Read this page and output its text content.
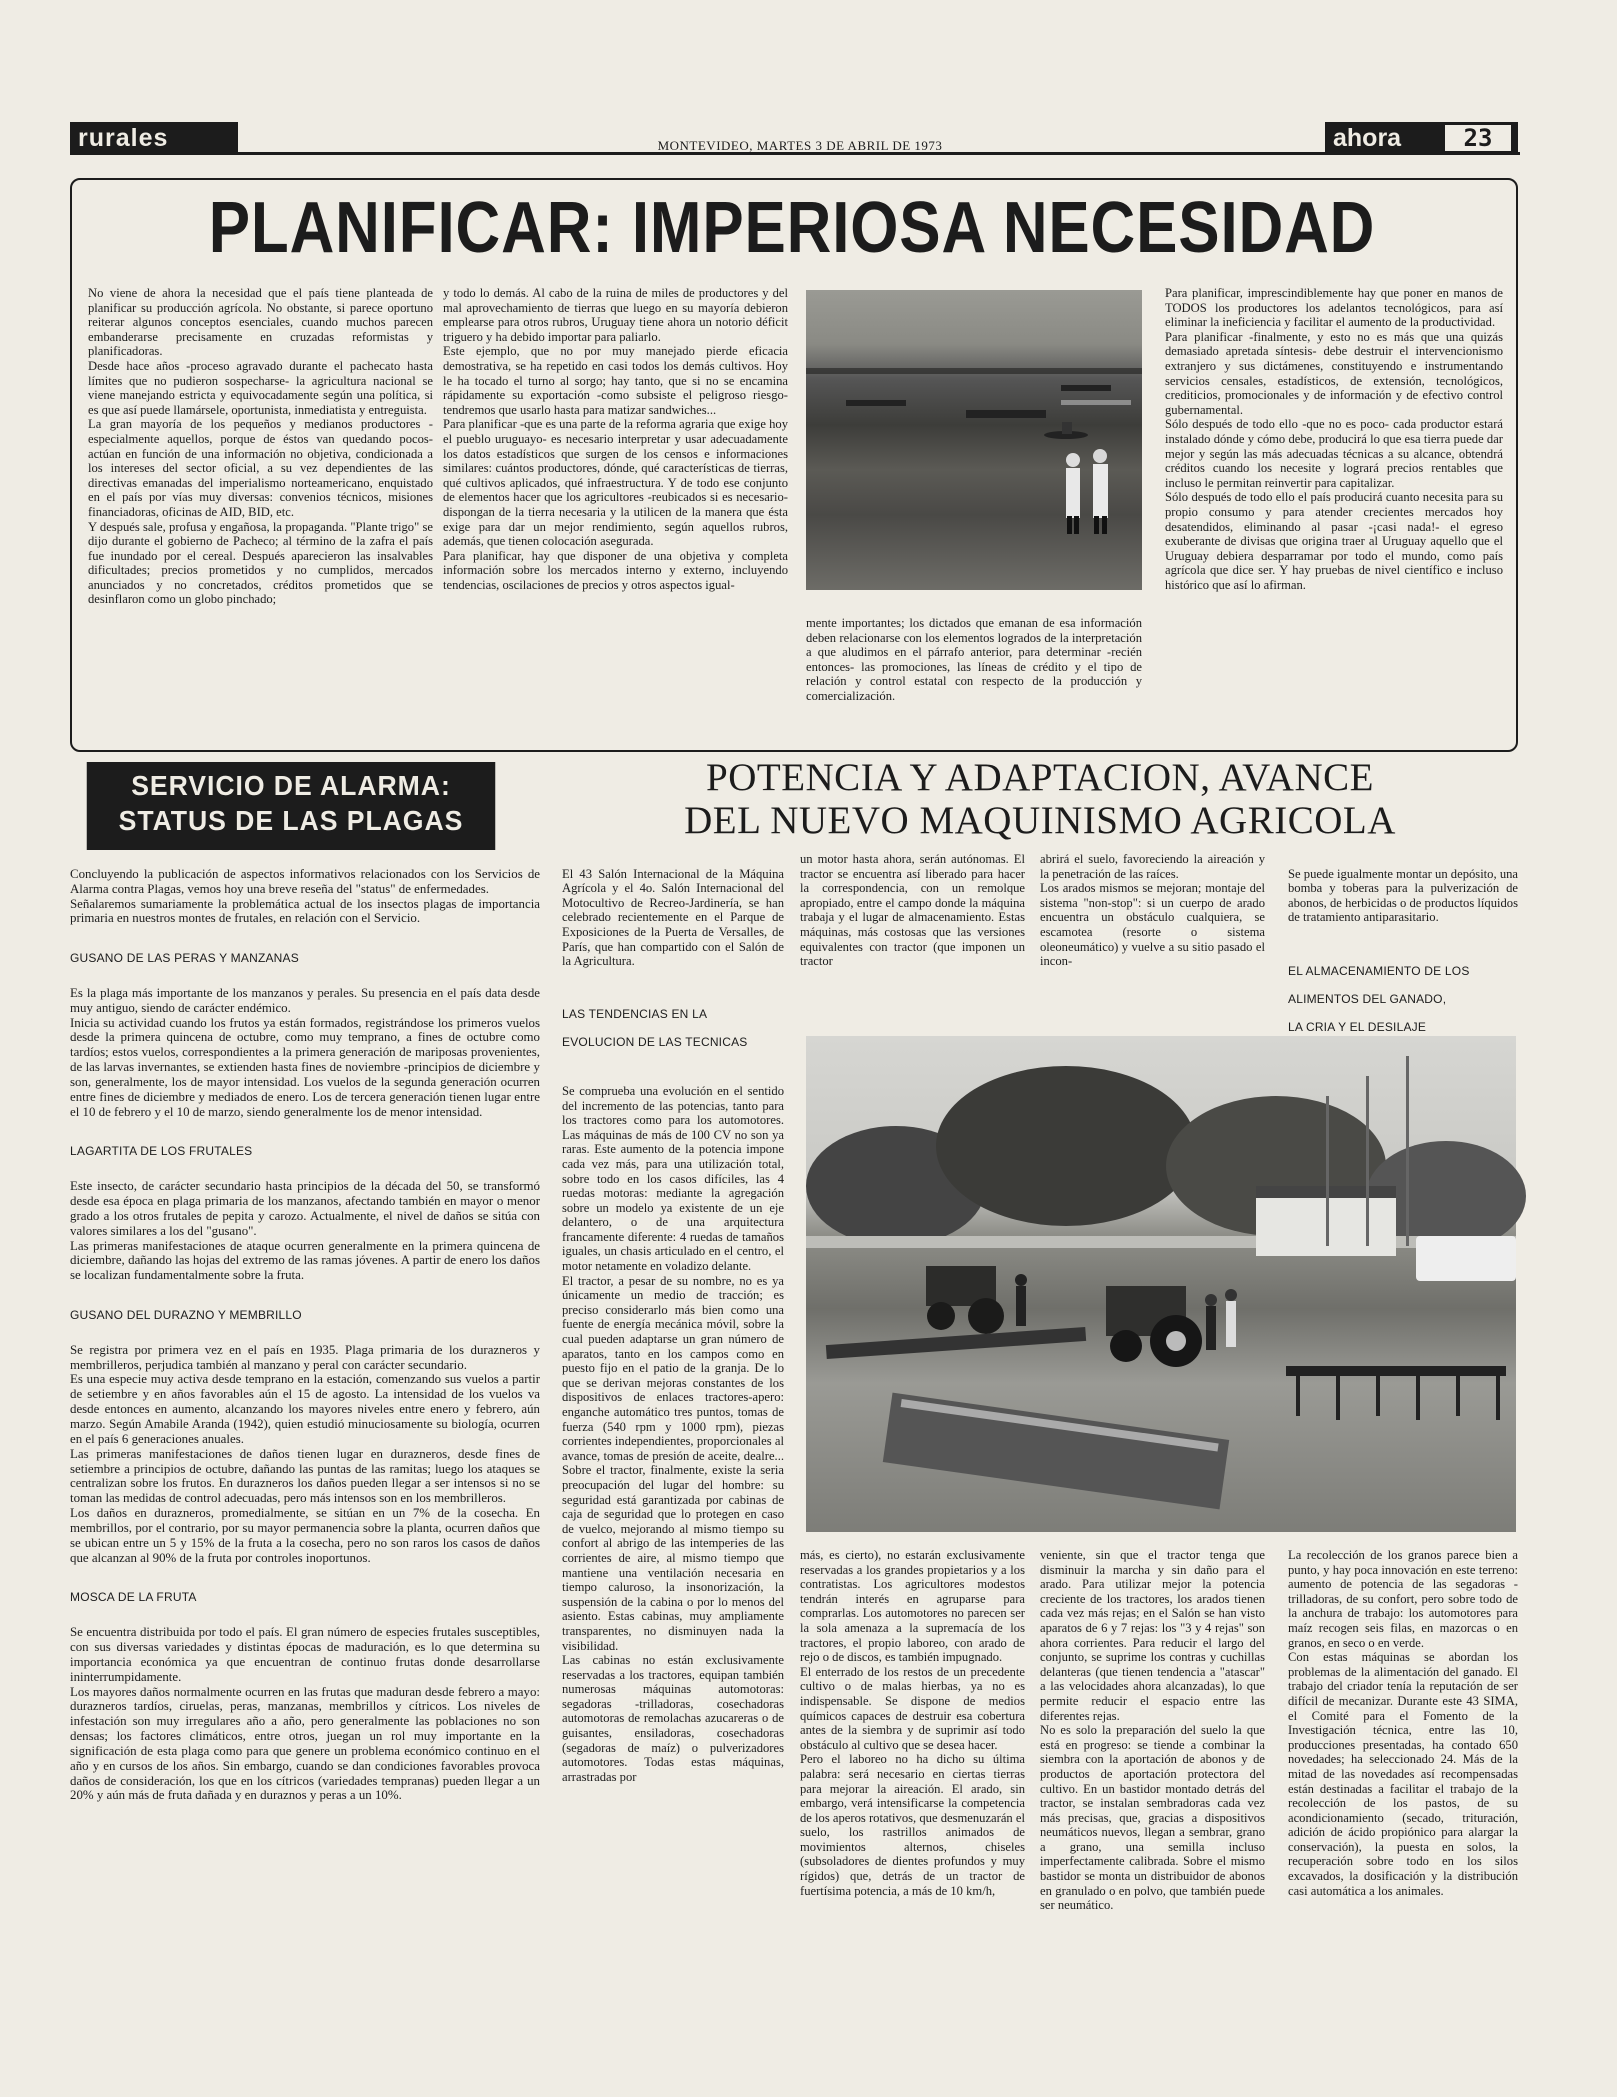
rurales	MONTEVIDEO, MARTES 3 DE ABRIL DE 1973	ahora	23
PLANIFICAR: IMPERIOSA NECESIDAD
No viene de ahora la necesidad que el país tiene planteada de planificar su producción agrícola. No obstante, si parece oportuno reiterar algunos conceptos esenciales, cuando muchos parecen embanderarse precisamente en cruzadas reformistas y planificadoras.
Desde hace años -proceso agravado durante el pachecato hasta límites que no pudieron sospecharse- la agricultura nacional se viene manejando estricta y equivocadamente según una política, si es que así puede llamársele, oportunista, inmediatista y entreguista.
La gran mayoría de los pequeños y medianos productores -especialmente aquellos, porque de éstos van quedando pocos- actúan en función de una información no objetiva, condicionada a los intereses del sector oficial, a su vez dependientes de las directivas emanadas del imperialismo norteamericano, enquistado en el país por vías muy diversas: convenios técnicos, misiones financiadoras, oficinas de AID, BID, etc.
Y después sale, profusa y engañosa, la propaganda. "Plante trigo" se dijo durante el gobierno de Pacheco; al término de la zafra el país fue inundado por el cereal. Después aparecieron las insalvables dificultades; precios prometidos y no cumplidos, mercados anunciados y no concretados, créditos prometidos que se desinflaron como un globo pinchado;
y todo lo demás. Al cabo de la ruina de miles de productores y del mal aprovechamiento de tierras que luego en su mayoría debieron emplearse para otros rubros, Uruguay tiene ahora un notorio déficit triguero y ha debido importar para paliarlo.
Este ejemplo, que no por muy manejado pierde eficacia demostrativa, se ha repetido en casi todos los demás cultivos. Hoy le ha tocado el turno al sorgo; hay tanto, que si no se encamina rápidamente su exportación -como subsiste el peligroso riesgo- tendremos que usarlo hasta para matizar sandwiches...
Para planificar -que es una parte de la reforma agraria que exige hoy el pueblo uruguayo- es necesario interpretar y usar adecuadamente los datos estadísticos que surgen de los censos e informaciones similares: cuántos productores, dónde, qué características de tierras, qué cultivos aplicados, qué infraestructura. Y de todo ese conjunto de elementos hacer que los agricultores -reubicados si es necesario- dispongan de la tierra necesaria y la utilicen de la manera que ésta exige para dar un mejor rendimiento, según aquellos rubros, además, que tienen colocación asegurada.
Para planificar, hay que disponer de una objetiva y completa información sobre los mercados interno y externo, incluyendo tendencias, oscilaciones de precios y otros aspectos igual-
mente importantes; los dictados que emanan de esa información deben relacionarse con los elementos logrados de la interpretación a que aludimos en el párrafo anterior, para determinar -recién entonces- las promociones, las líneas de crédito y el tipo de relación y control estatal con respecto de la producción y comercialización.
Para planificar, imprescindiblemente hay que poner en manos de TODOS los productores los adelantos tecnológicos, para así eliminar la ineficiencia y facilitar el aumento de la productividad.
Para planificar -finalmente, y esto no es más que una quizás demasiado apretada síntesis- debe destruir el intervencionismo extranjero y sus dictámenes, constituyendo e instrumentando servicios censales, estadísticos, de extensión, tecnológicos, crediticios, promocionales y de información y de efectivo control gubernamental.
Sólo después de todo ello -que no es poco- cada productor estará instalado dónde y cómo debe, producirá lo que esa tierra puede dar mejor y según las más adecuadas técnicas a su alcance, obtendrá créditos cuando los necesite y logrará precios rentables que incluso le permitan reinvertir para capitalizar.
Sólo después de todo ello el país producirá cuanto necesita para su propio consumo y para atender crecientes mercados hoy desatendidos, eliminando al pasar -¡casi nada!- el egreso exuberante de divisas que origina traer al Uruguay aquello que el Uruguay debiera desparramar por todo el mundo, como país agrícola que dice ser. Y hay pruebas de nivel científico e incluso histórico que así lo afirman.
SERVICIO DE ALARMA:
STATUS DE LAS PLAGAS

Concluyendo la publicación de aspectos informativos relacionados con los Servicios de Alarma contra Plagas, vemos hoy una breve reseña del "status" de enfermedades.
Señalaremos sumariamente la problemática actual de los insectos plagas de importancia primaria en nuestros montes de frutales, en relación con el Servicio.

GUSANO DE LAS PERAS Y MANZANAS

Es la plaga más importante de los manzanos y perales. Su presencia en el país data desde muy antiguo, siendo de carácter endémico.
Inicia su actividad cuando los frutos ya están formados, registrándose los primeros vuelos desde la primera quincena de octubre, como muy temprano, a fines de octubre como tardíos; estos vuelos, correspondientes a la primera generación de mariposas provenientes, de las larvas invernantes, se extienden hasta fines de noviembre -principios de diciembre y son, generalmente, los de mayor intensidad. Los vuelos de la segunda generación ocurren entre fines de diciembre y mediados de enero. Los de tercera generación tienen lugar entre el 10 de febrero y el 10 de marzo, siendo generalmente los de menor intensidad.

LAGARTITA DE LOS FRUTALES

Este insecto, de carácter secundario hasta principios de la década del 50, se transformó desde esa época en plaga primaria de los manzanos, afectando también en mayor o menor grado a los otros frutales de pepita y carozo. Actualmente, el nivel de daños se sitúa con valores similares a los del "gusano".
Las primeras manifestaciones de ataque ocurren generalmente en la primera quincena de diciembre, dañando las hojas del extremo de las ramas jóvenes. A partir de enero los daños se localizan fundamentalmente sobre la fruta.

GUSANO DEL DURAZNO Y MEMBRILLO

Se registra por primera vez en el país en 1935. Plaga primaria de los durazneros y membrilleros, perjudica también al manzano y peral con carácter secundario.
Es una especie muy activa desde temprano en la estación, comenzando sus vuelos a partir de setiembre y en años favorables aún el 15 de agosto. La intensidad de los vuelos va desde entonces en aumento, alcanzando los mayores niveles entre enero y febrero, aún marzo. Según Amabile Aranda (1942), quien estudió minuciosamente su biología, ocurren en el país 6 generaciones anuales.
Las primeras manifestaciones de daños tienen lugar en durazneros, desde fines de setiembre a principios de octubre, dañando las puntas de las ramitas; luego los ataques se centralizan sobre los frutos. En durazneros los daños pueden llegar a ser intensos si no se toman las medidas de control adecuadas, pero más intensos son en los membrilleros.
Los daños en durazneros, promedialmente, se sitúan en un 7% de la cosecha. En membrillos, por el contrario, por su mayor permanencia sobre la planta, ocurren daños que se ubican entre un 5 y 15% de la fruta a la cosecha, pero no son raros los casos de daños que alcanzan al 90% de la fruta por controles inoportunos.

MOSCA DE LA FRUTA

Se encuentra distribuida por todo el país. El gran número de especies frutales susceptibles, con sus diversas variedades y distintas épocas de maduración, es lo que determina su importancia económica ya que encuentran de continuo frutas donde desarrollarse ininterrumpidamente.
Los mayores daños normalmente ocurren en las frutas que maduran desde febrero a mayo: durazneros tardíos, ciruelas, peras, manzanas, membrillos y cítricos. Los niveles de infestación son muy irregulares año a año, pero generalmente las poblaciones no son densas; los factores climáticos, entre otros, juegan un rol muy importante en la significación de esta plaga como para que genere un problema económico continuo en el año y en cursos de los años. Sin embargo, cuando se dan condiciones favorables provoca daños de consideración, los que en los cítricos (variedades tempranas) pueden llegar a un 20% y aún más de fruta dañada y en duraznos y peras a un 10%.

POTENCIA Y ADAPTACION, AVANCE
DEL NUEVO MAQUINISMO AGRICOLA

El 43 Salón Internacional de la Máquina Agrícola y el 4o. Salón Internacional del Motocultivo de Recreo-Jardinería, se han celebrado recientemente en el Parque de Exposiciones de la Puerta de Versalles, de París, que han compartido con el Salón de la Agricultura.

LAS TENDENCIAS EN LA

EVOLUCION DE LAS TECNICAS

Se comprueba una evolución en el sentido del incremento de las potencias, tanto para los tractores como para los automotores. Las máquinas de más de 100 CV no son ya raras. Este aumento de la potencia impone cada vez más, para una utilización total, sobre todo en los casos difíciles, las 4 ruedas motoras: mediante la agregación sobre un modelo ya existente de un eje delantero, o de una arquitectura francamente diferente: 4 ruedas de tamaños iguales, un chasis articulado en el centro, el motor netamente en voladizo delante.
El tractor, a pesar de su nombre, no es ya únicamente un medio de tracción; es preciso considerarlo más bien como una fuente de energía mecánica móvil, sobre la cual pueden adaptarse un gran número de aparatos, tanto en los campos como en puesto fijo en el patio de la granja. De lo que se derivan mejoras constantes de los dispositivos de enlaces tractores-apero: enganche automático tres puntos, tomas de fuerza (540 rpm y 1000 rpm), piezas corrientes independientes, proporcionales al avance, tomas de presión de aceite, dealre... Sobre el tractor, finalmente, existe la seria preocupación del lugar del hombre: su seguridad está garantizada por cabinas de caja de seguridad que lo protegen en caso de vuelco, mejorando al mismo tiempo su confort al abrigo de las intemperies de las corrientes de aire, al mismo tiempo que mantiene una ventilación necesaria en tiempo caluroso, la insonorización, la suspensión de la cabina o por lo menos del asiento. Estas cabinas, muy ampliamente transparentes, no disminuyen nada la visibilidad.
Las cabinas no están exclusivamente reservadas a los tractores, equipan también numerosas máquinas automotoras: segadoras -trilladoras, cosechadoras automotoras de remolachas azucareras o de guisantes, ensiladoras, cosechadoras (segadoras de maíz) o pulverizadores automotores. Todas estas máquinas, arrastradas por

un motor hasta ahora, serán autónomas. El tractor se encuentra así liberado para hacer la correspondencia, con un remolque apropiado, entre el campo donde la máquina trabaja y el lugar de almacenamiento. Estas máquinas, más costosas que las versiones equivalentes con tractor (que imponen un tractor
abrirá el suelo, favoreciendo la aireación y la penetración de las raíces.
Los arados mismos se mejoran; montaje del sistema "non-stop": si un cuerpo de arado encuentra un obstáculo cualquiera, se escamotea (resorte o sistema oleoneumático) y vuelve a su sitio pasado el incon-

Se puede igualmente montar un depósito, una bomba y toberas para la pulverización de abonos, de herbicidas o de productos líquidos de tratamiento antiparasitario.

EL ALMACENAMIENTO DE LOS

ALIMENTOS DEL GANADO,

LA CRIA Y EL DESILAJE

más, es cierto), no estarán exclusivamente reservadas a los grandes propietarios y a los contratistas. Los agricultores modestos tendrán interés en agruparse para comprarlas. Los automotores no parecen ser la sola amenaza a la supremacía de los tractores, el propio laboreo, con arado de rejo o de discos, es también impugnado.
El enterrado de los restos de un precedente cultivo o de malas hierbas, ya no es indispensable. Se dispone de medios químicos capaces de destruir esa cobertura antes de la siembra y de suprimir así todo obstáculo al cultivo que se desea hacer.
Pero el laboreo no ha dicho su última palabra: será necesario en ciertas tierras para mejorar la aireación. El arado, sin embargo, verá intensificarse la competencia de los aperos rotativos, que desmenuzarán el suelo, los rastrillos animados de movimientos alternos, chiseles (subsoladores de dientes profundos y muy rígidos) que, detrás de un tractor de fuertísima potencia, a más de 10 km/h,
veniente, sin que el tractor tenga que disminuir la marcha y sin daño para el arado. Para utilizar mejor la potencia creciente de los tractores, los arados tienen cada vez más rejas; en el Salón se han visto aparatos de 6 y 7 rejas: los "3 y 4 rejas" son ahora corrientes. Para reducir el largo del conjunto, se suprime los contras y cuchillas delanteras (que tienen tendencia a "atascar" a las velocidades ahora alcanzadas), lo que permite reducir el espacio entre las diferentes rejas.
No es solo la preparación del suelo la que está en progreso: se tiende a combinar la siembra con la aportación de abonos y de productos de aportación protectora del cultivo. En un bastidor montado detrás del tractor, se instalan sembradoras cada vez más precisas, que, gracias a dispositivos neumáticos nuevos, llegan a sembrar, grano a grano, una semilla incluso imperfectamente calibrada. Sobre el mismo bastidor se monta un distribuidor de abonos en granulado o en polvo, que también puede ser neumático.
La recolección de los granos parece bien a punto, y hay poca innovación en este terreno: aumento de potencia de las segadoras -trilladoras, de su confort, pero sobre todo de la anchura de trabajo: los automotores para maíz recogen seis filas, en mazorcas o en granos, en seco o en verde.
Con estas máquinas se abordan los problemas de la alimentación del ganado. El trabajo del criador tenía la reputación de ser difícil de mecanizar. Durante este 43 SIMA, el Comité para el Fomento de la Investigación técnica, entre las 10, producciones presentadas, ha contado 650 novedades; ha seleccionado 24. Más de la mitad de las novedades así recompensadas están destinadas a facilitar el trabajo de la recolección de los pastos, de su acondicionamiento (secado, trituración, adición de ácido propiónico para alargar la conservación), la puesta en solos, la recuperación sobre todo en los silos excavados, la dosificación y la distribución casi automática a los animales.
